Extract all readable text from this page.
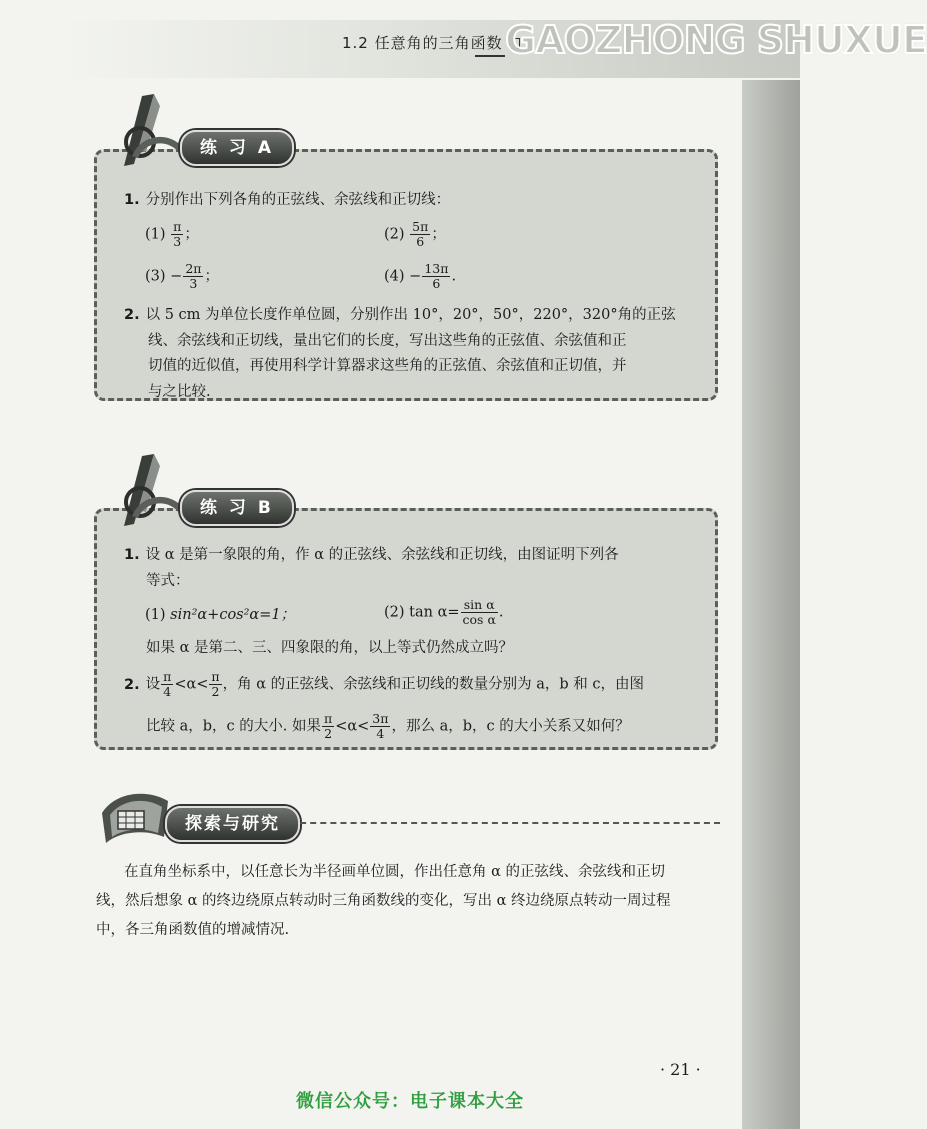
1.2 任意角的三角函数 GAOZHONG SHUXUE
练 习 A
1. 分别作出下列各角的正弦线、余弦线和正切线：
$(1) \frac{\pi}{3}$ ；	$(2) \frac{5\pi}{6}$ ；
$(3) - \frac{2\pi}{3}$ ；	$(4) - \frac{13\pi}{6}$ .
2. 以 5 cm 为单位长度作单位圆，分别作出 10°，20°，50°，220°，320°角的正弦
线、余弦线和正切线，量出它们的长度，写出这些角的正弦值、余弦值和正
切值的近似值，再使用科学计算器求这些角的正弦值、余弦值和正切值，并
与之比较.
练 习 B
1. 设 α 是第一象限的角，作 α 的正弦线、余弦线和正切线，由图证明下列各
等式：
(1) sin²α+cos²α=1；	(2) $\tan \alpha= \frac{\text{sin α}}{\text{cos α}}$ .
如果 α 是第二、三、四象限的角，以上等式仍然成立吗？
2. 设 $\frac{\pi}{4} <\alpha< \frac{\pi}{2}$ ，角 α 的正弦线、余弦线和正切线的数量分别为 a，b 和 c，由图
比较 a，b，c 的大小. 如果 $\frac{\pi}{2} <\alpha< \frac{3\pi}{4}$ ，那么 a，b，c 的大小关系又如何？
探索与研究
在直角坐标系中，以任意长为半径画单位圆，作出任意角 α 的正弦线、余弦线和正切
线，然后想象 α 的终边绕原点转动时三角函数线的变化，写出 α 终边绕原点转动一周过程
中，各三角函数值的增减情况.
· 21 ·
微信公众号：电子课本大全
